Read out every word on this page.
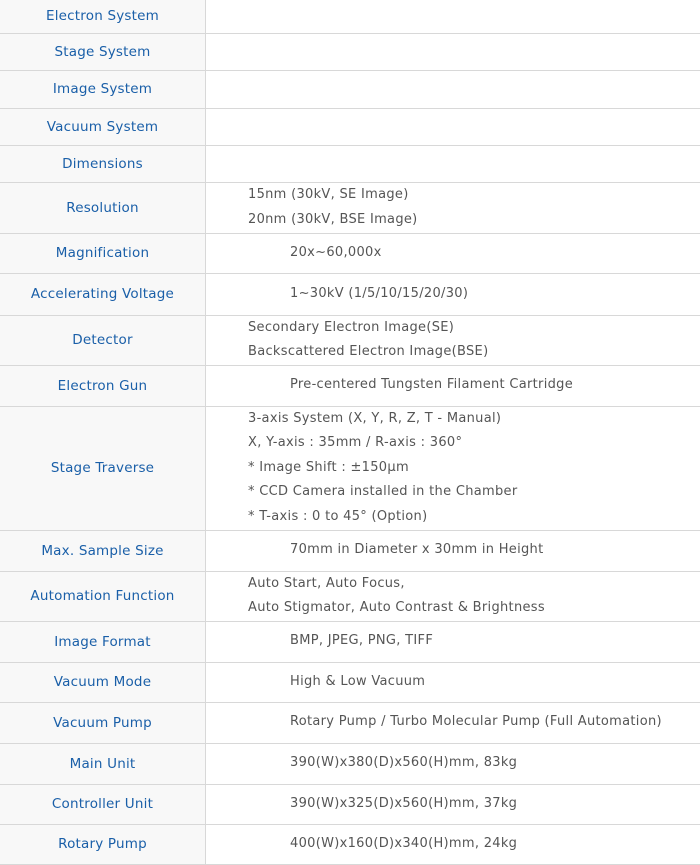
Electron System	
Stage System	
Image System	
Vacuum System	
Dimensions	
Resolution	15nm (30kV, SE Image)
20nm (30kV, BSE Image)

Magnification	20x~60,000x

Accelerating Voltage	1~30kV (1/5/10/15/20/30)

Detector	Secondary Electron Image(SE)
Backscattered Electron Image(BSE)

Electron Gun	Pre-centered Tungsten Filament Cartridge

Stage Traverse	3-axis System (X, Y, R, Z, T - Manual)
X, Y-axis : 35mm / R-axis : 360°
* Image Shift : ±150μm
* CCD Camera installed in the Chamber
* T-axis : 0 to 45° (Option)

Max. Sample Size	70mm in Diameter x 30mm in Height

Automation Function	Auto Start, Auto Focus,
Auto Stigmator, Auto Contrast & Brightness

Image Format	BMP, JPEG, PNG, TIFF

Vacuum Mode	High & Low Vacuum

Vacuum Pump	Rotary Pump / Turbo Molecular Pump (Full Automation)

Main Unit	390(W)x380(D)x560(H)mm, 83kg

Controller Unit	390(W)x325(D)x560(H)mm, 37kg

Rotary Pump	400(W)x160(D)x340(H)mm, 24kg
